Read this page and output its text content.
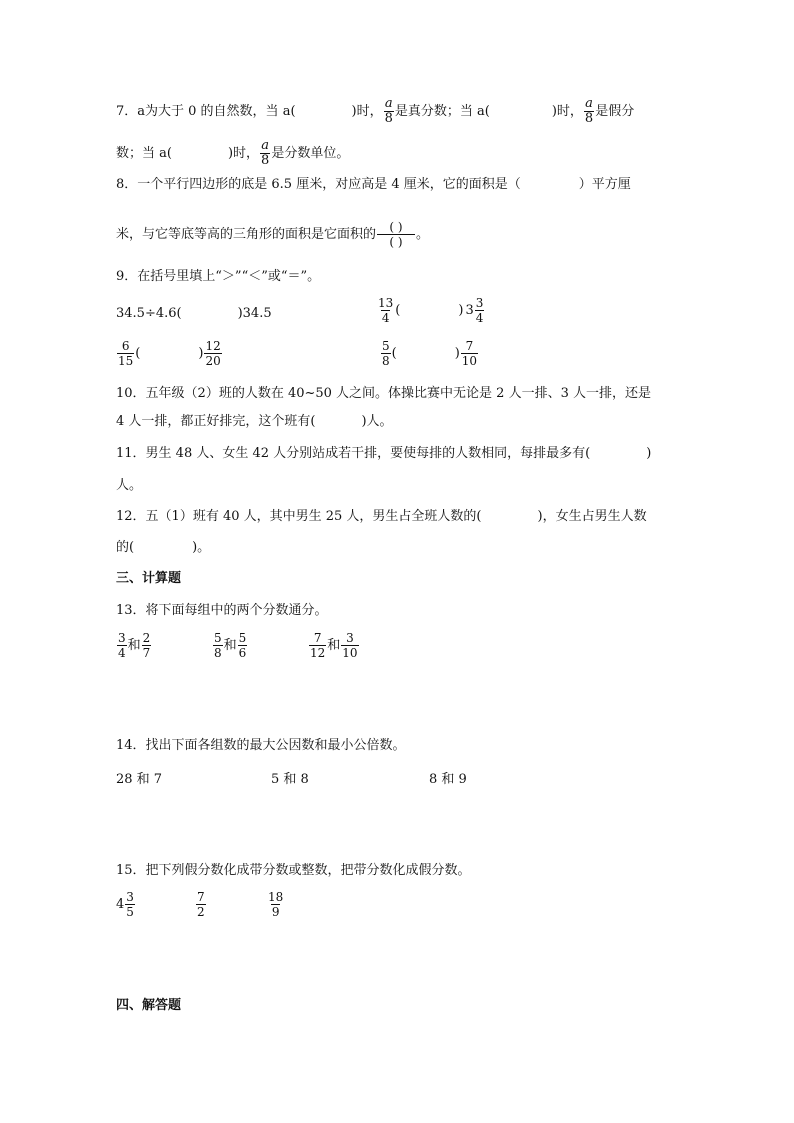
7．a为大于 0 的自然数，当 a(	)时， $\frac{a}{8}$ 是真分数；当 a(	)时， $\frac{a}{8}$ 是假分
数；当 a(	)时， $\frac{a}{8}$ 是分数单位。
8．一个平行四边形的底是 6.5 厘米，对应高是 4 厘米，它的面积是（	）平方厘
米，与它等底等高的三角形的面积是它面积的 $\frac{( )}{( )}$ 。
9．在括号里填上“＞”“＜”或“＝”。
34.5÷4.6(	)34.5	$\frac{13}{4}$ (	) $3 \frac{3}{4}$
$\frac{6}{15}$ (	) $\frac{12}{20}$	$\frac{5}{8}$ (	) $\frac{7}{10}$
10．五年级（2）班的人数在 40~50 人之间。体操比赛中无论是 2 人一排、3 人一排，还是
4 人一排，都正好排完，这个班有(	)人。
11．男生 48 人、女生 42 人分别站成若干排，要使每排的人数相同，每排最多有(	)
人。
12．五（1）班有 40 人，其中男生 25 人，男生占全班人数的(	)，女生占男生人数
的(	)。
三、计算题
13．将下面每组中的两个分数通分。
$\frac{3}{4}$ 和 $\frac{2}{7}$	$\frac{5}{8}$ 和 $\frac{5}{6}$	$\frac{7}{12}$ 和 $\frac{3}{10}$
14．找出下面各组数的最大公因数和最小公倍数。
28 和 7	5 和 8	8 和 9
15．把下列假分数化成带分数或整数，把带分数化成假分数。
$4 \frac{3}{5}$	$\frac{7}{2}$	$\frac{18}{9}$
四、解答题
